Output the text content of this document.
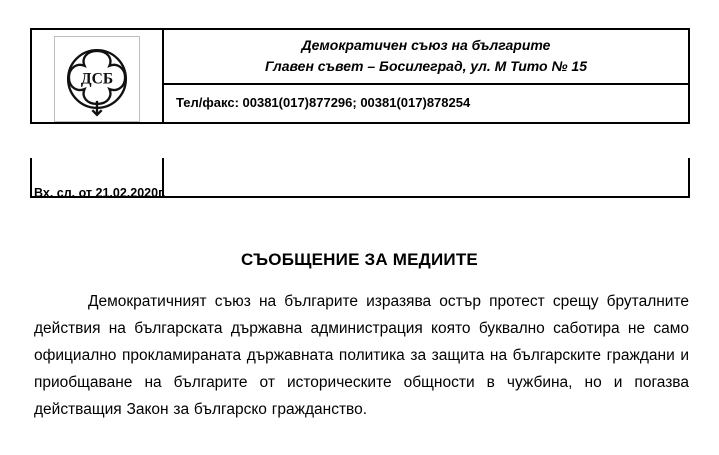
ДСБ
Демократичен съюз на българите
Главен съвет – Босилеград, ул. М Тито № 15
Тел/факс: 00381(017)877296; 00381(017)878254
Вх. сл. от 21.02.2020г.
СЪОБЩЕНИЕ ЗА МЕДИИТЕ
Демократичният съюз на българите изразява остър протест срещу бруталните действия на българската държавна администрация която буквално саботира не само официално прокламираната държавната политика за защита на българските граждани и приобщаване на българите от историческите общности в чужбина, но и погазва действащия Закон за българско гражданство.
